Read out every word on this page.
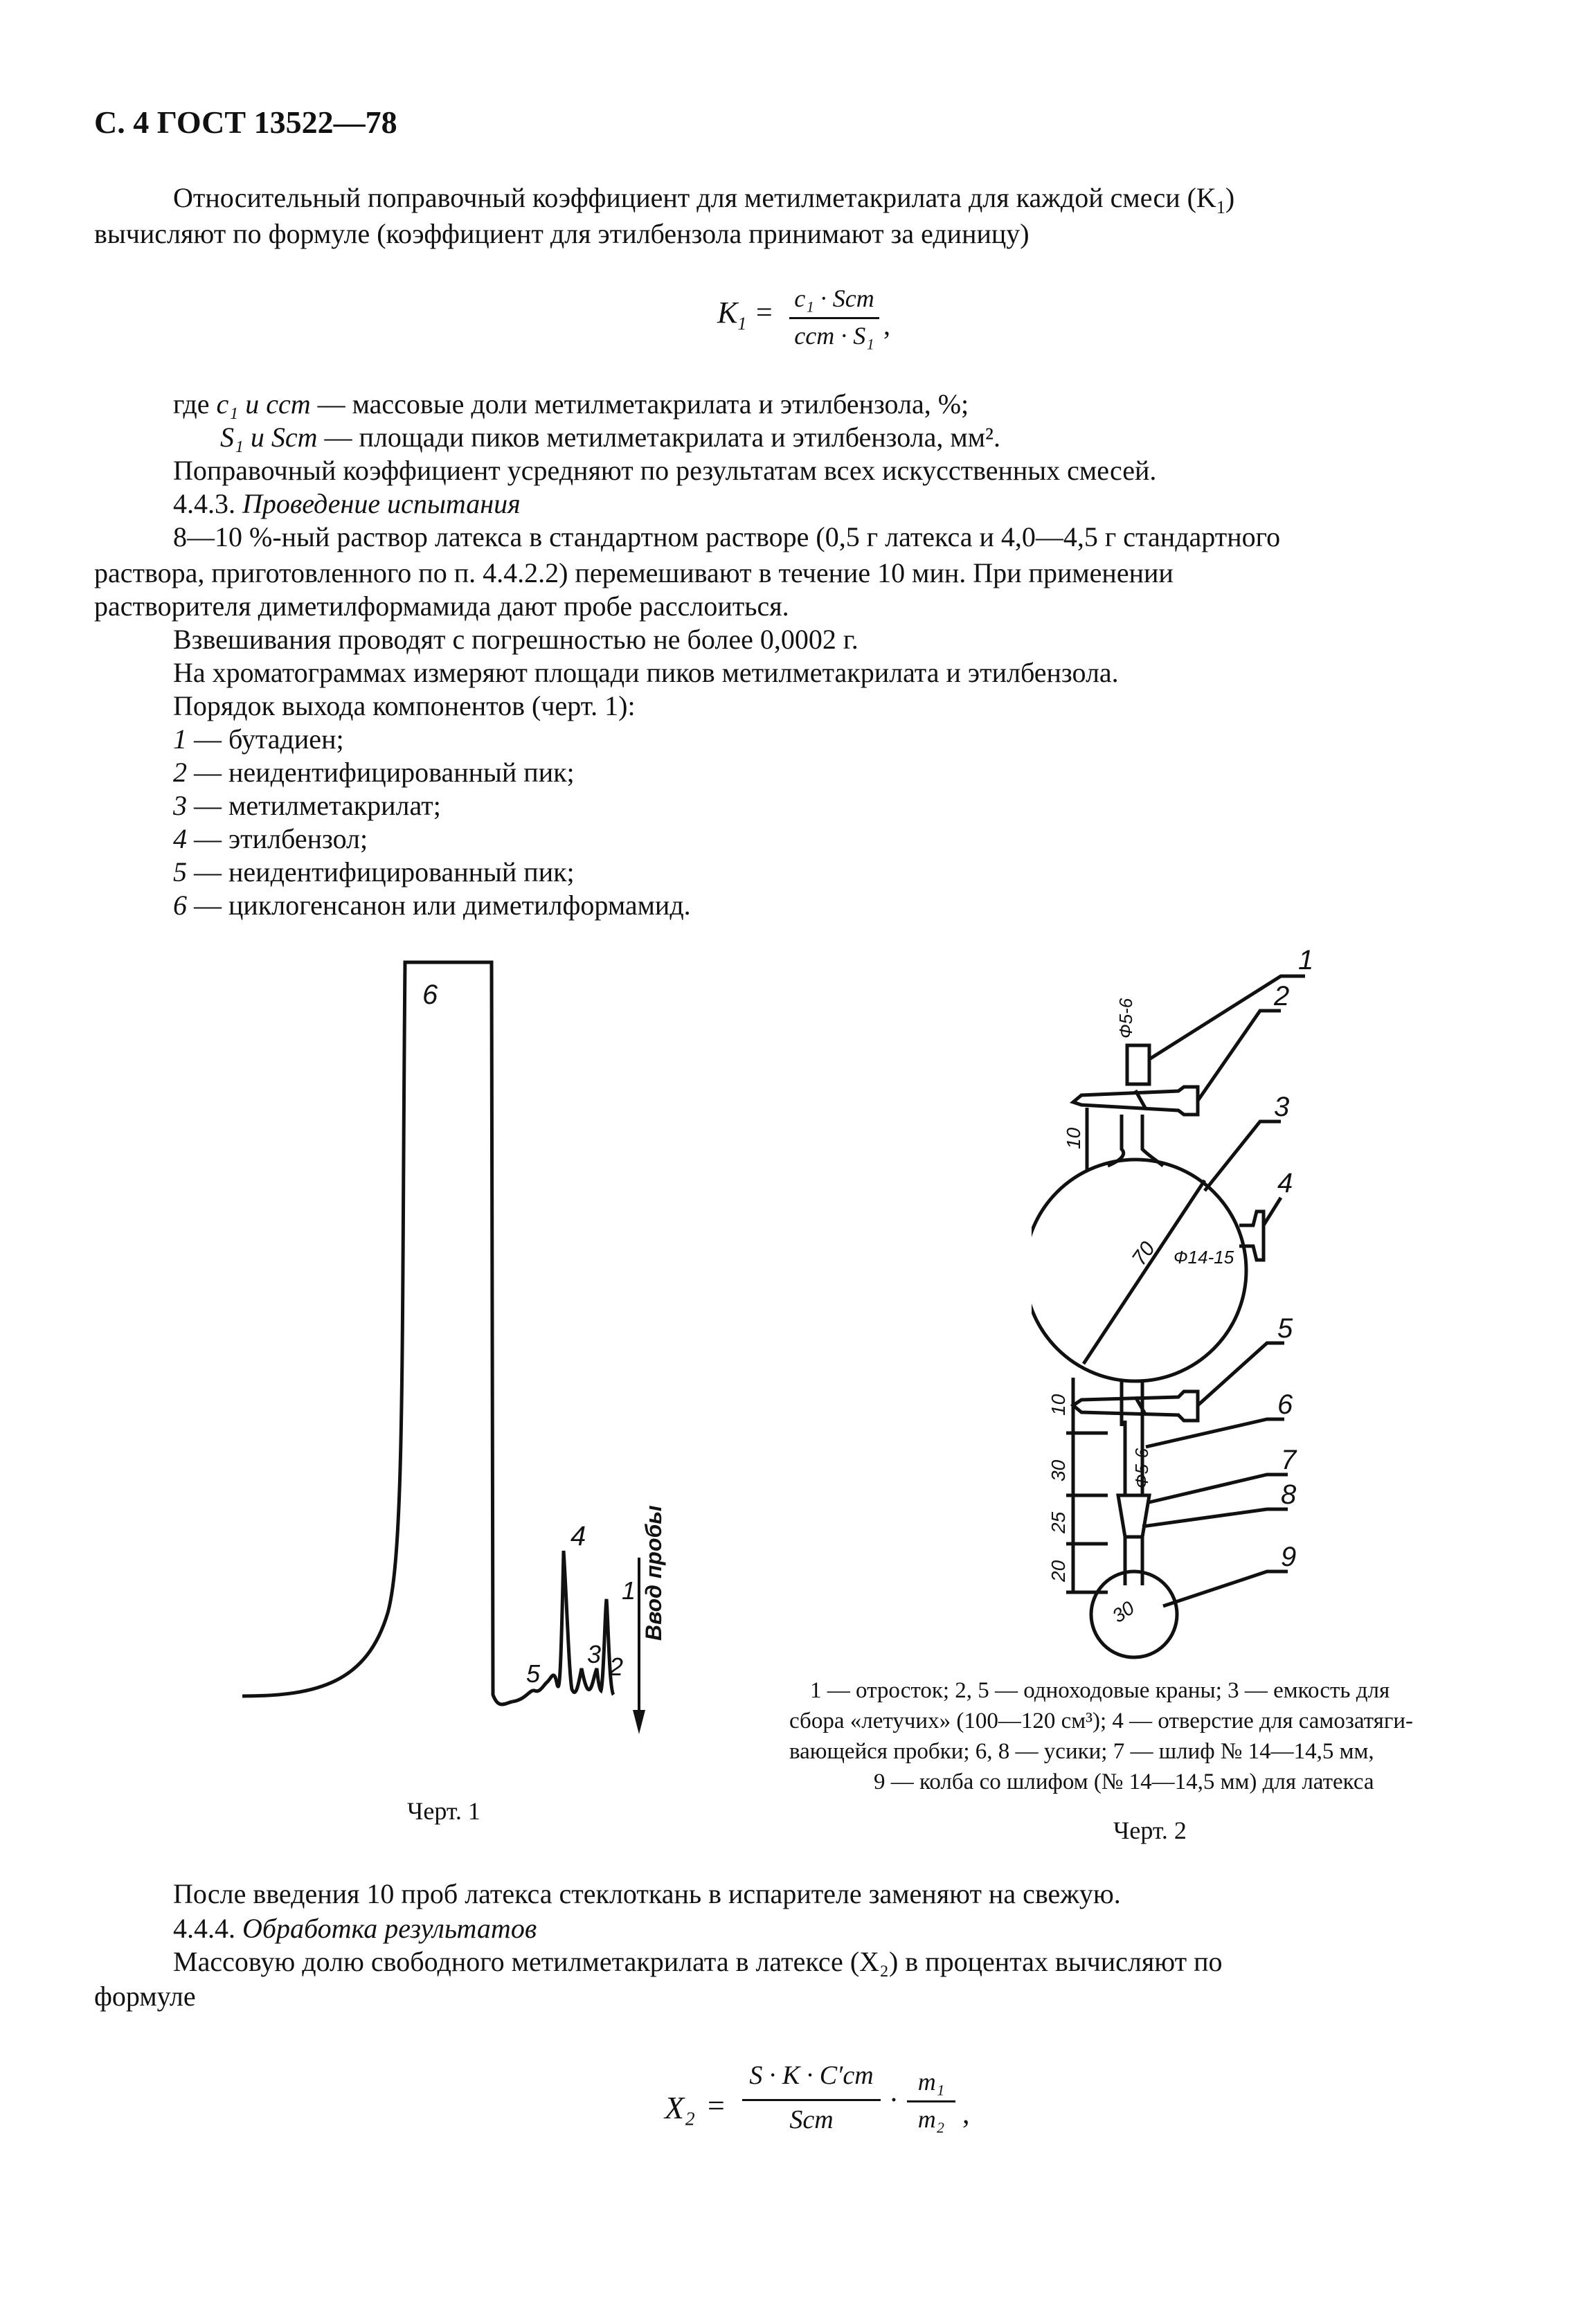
С. 4 ГОСТ 13522—78
Относительный поправочный коэффициент для метилметакрилата для каждой смеси $(K_1)$
вычисляют по формуле (коэффициент для этилбензола принимают за единицу)
$K_1 = c_1$ · Sст
cст · S₁ ,
где c₁ и cст — массовые доли метилметакрилата и этилбензола, %;
S₁ и Sст — площади пиков метилметакрилата и этилбензола, мм².
Поправочный коэффициент усредняют по результатам всех искусственных смесей.
4.4.3. Проведение испытания
8—10 %-ный раствор латекса в стандартном растворе (0,5 г латекса и 4,0—4,5 г стандартного
раствора, приготовленного по п. 4.4.2.2) перемешивают в течение 10 мин. При применении
растворителя диметилформамида дают пробе расслоиться.
Взвешивания проводят с погрешностью не более 0,0002 г.
На хроматограммах измеряют площади пиков метилметакрилата и этилбензола.
Порядок выхода компонентов (черт. 1):
1 — бутадиен;
2 — неидентифицированный пик;
3 — метилметакрилат;
4 — этилбензол;
5 — неидентифицированный пик;
6 — циклогенсанон или диметилформамид.
6
4
5
3 2
1 Ввод пробы
Черт. 1
Ф5-6
10
70 Ф14-15
10
Ф5-6
30
25
20
30
1
2
3
4
5
6
7
8
9
1 — отросток; 2, 5 — одноходовые краны; 3 — емкость для
сбора «летучих» (100—120 см³); 4 — отверстие для самозатяги-
вающейся пробки; 6, 8 — усики; 7 — шлиф № 14—14,5 мм,
9 — колба со шлифом (№ 14—14,5 мм) для латекса
Черт. 2
После введения 10 проб латекса стеклоткань в испарителе заменяют на свежую.
4.4.4. Обработка результатов
Массовую долю свободного метилметакрилата в латексе (X₂) в процентах вычисляют по
формуле
X₂ =
S · K · C′ст
Sст
·
m₁
m₂ ,
